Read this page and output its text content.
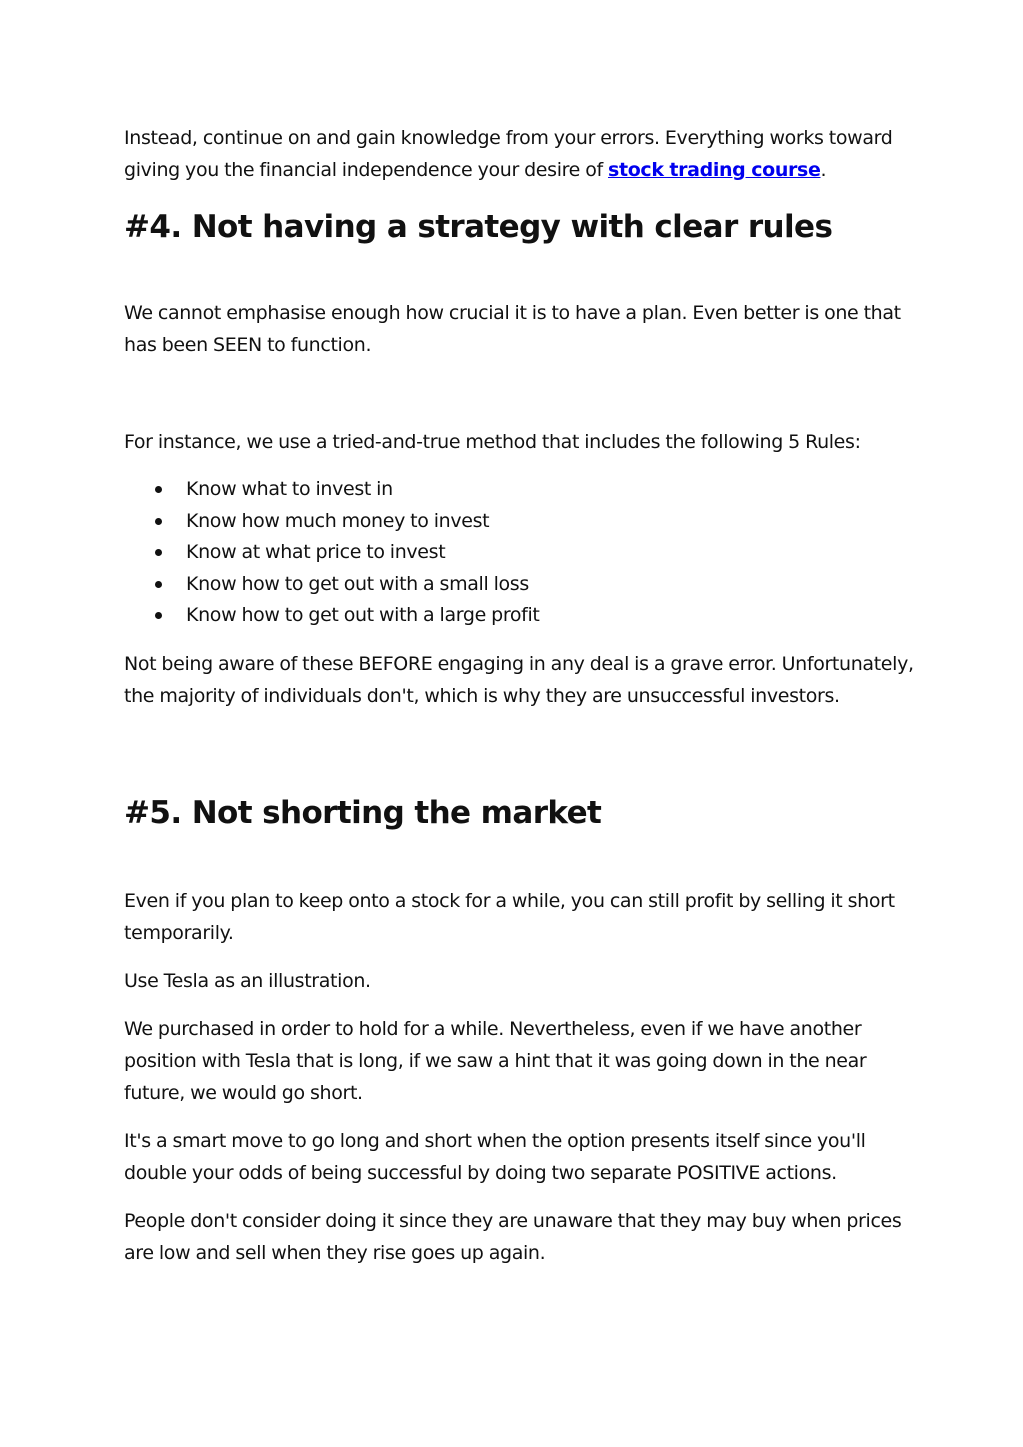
Instead, continue on and gain knowledge from your errors. Everything works toward giving you the financial independence your desire of stock trading course.

#4. Not having a strategy with clear rules

We cannot emphasise enough how crucial it is to have a plan. Even better is one that has been SEEN to function.

For instance, we use a tried-and-true method that includes the following 5 Rules:

Know what to invest in
Know how much money to invest
Know at what price to invest
Know how to get out with a small loss
Know how to get out with a large profit

Not being aware of these BEFORE engaging in any deal is a grave error. Unfortunately, the majority of individuals don't, which is why they are unsuccessful investors.

#5. Not shorting the market

Even if you plan to keep onto a stock for a while, you can still profit by selling it short temporarily.

Use Tesla as an illustration.

We purchased in order to hold for a while. Nevertheless, even if we have another position with Tesla that is long, if we saw a hint that it was going down in the near future, we would go short.

It's a smart move to go long and short when the option presents itself since you'll double your odds of being successful by doing two separate POSITIVE actions.

People don't consider doing it since they are unaware that they may buy when prices are low and sell when they rise goes up again.
